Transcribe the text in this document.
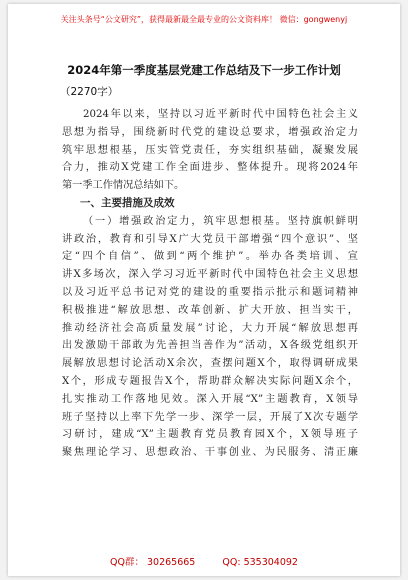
关注头条号“公文研究”，获得最新最全最专业的公文资料库！ 微信：gongwenyj
2024年第一季度基层党建工作总结及下一步工作计划
（2270字）
2024年以来，坚持以习近平新时代中国特色社会主义
思想为指导，围绕新时代党的建设总要求，增强政治定力
筑牢思想根基，压实管党责任，夯实组织基础，凝聚发展
合力，推动X党建工作全面进步、整体提升。现将2024年
第一季工作情况总结如下。
一、主要措施及成效
（一）增强政治定力，筑牢思想根基。坚持旗帜鲜明
讲政治，教育和引导X广大党员干部增强“四个意识”、坚
定“四个自信”、做到“两个维护”。举办各类培训、宣
讲X多场次，深入学习习近平新时代中国特色社会主义思想
以及习近平总书记对党的建设的重要指示批示和题词精神
积极推进“解放思想、改革创新、扩大开放、担当实干，
推动经济社会高质量发展”讨论，大力开展“解放思想再
出发激励干部敢为先善担当善作为”活动，X各级党组织开
展解放思想讨论活动X余次，查摆问题X个，取得调研成果
X个，形成专题报告X个，帮助群众解决实际问题X余个，
扎实推动工作落地见效。深入开展“X”主题教育，X领导
班子坚持以上率下先学一步、深学一层，开展了X次专题学
习研讨，建成“X”主题教育党员教育园X个，X领导班子
聚焦理论学习、思想政治、干事创业、为民服务、清正廉
QQ群： 30265665	QQ: 535304092
